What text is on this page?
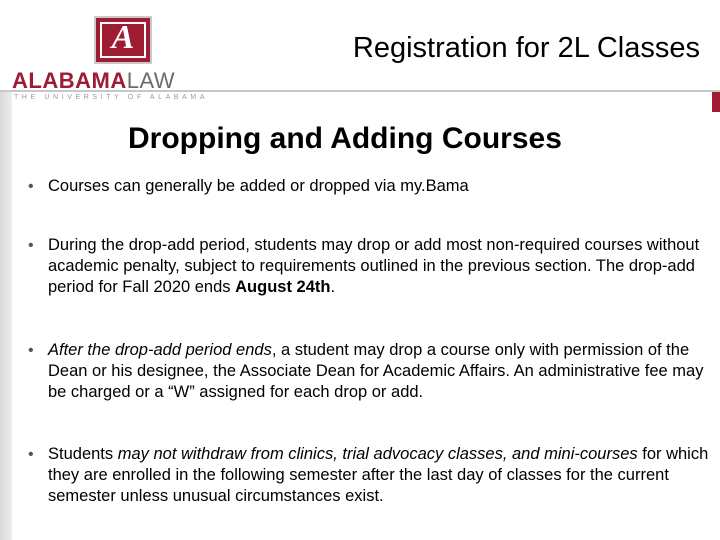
A
ALABAMALAW
THE UNIVERSITY OF ALABAMA
Registration for 2L Classes
Dropping and Adding Courses
• Courses can generally be added or dropped via my.Bama
• During the drop-add period, students may drop or add most non-required courses without academic penalty, subject to requirements outlined in the previous section. The drop-add period for Fall 2020 ends August 24th.
• After the drop-add period ends, a student may drop a course only with permission of the Dean or his designee, the Associate Dean for Academic Affairs. An administrative fee may be charged or a “W” assigned for each drop or add.
• Students may not withdraw from clinics, trial advocacy classes, and mini-courses for which they are enrolled in the following semester after the last day of classes for the current semester unless unusual circumstances exist.
